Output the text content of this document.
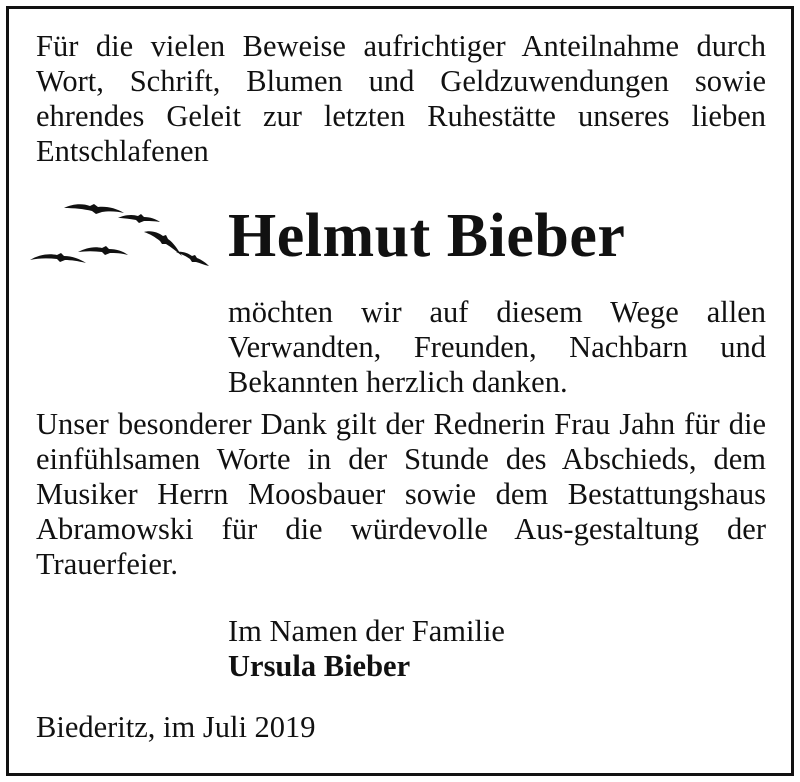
Für die vielen Beweise aufrichtiger Anteilnahme durch Wort, Schrift, Blumen und Geldzuwendungen sowie ehrendes Geleit zur letzten Ruhestätte unseres lieben Entschlafenen
Helmut Bieber
möchten wir auf diesem Wege allen Verwandten, Freunden, Nachbarn und Bekannten herzlich danken.
Unser besonderer Dank gilt der Rednerin Frau Jahn für die einfühlsamen Worte in der Stunde des Abschieds, dem Musiker Herrn Moosbauer sowie dem Bestattungshaus Abramowski für die würdevolle Aus-gestaltung der Trauerfeier.
Im Namen der Familie
Ursula Bieber
Biederitz, im Juli 2019
